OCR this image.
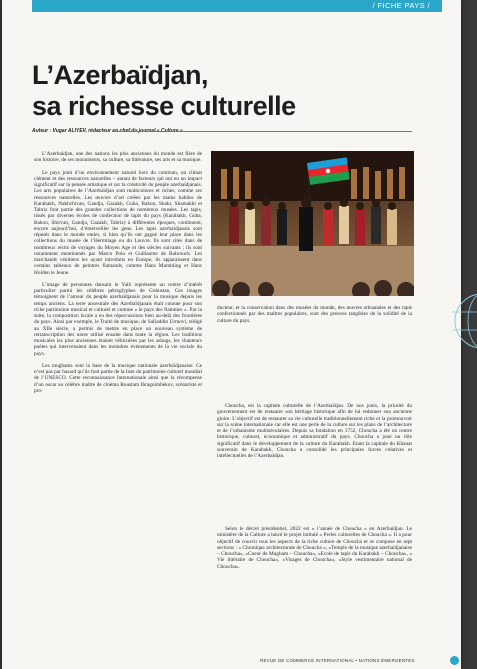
/ FICHE PAYS /
L’Azerbaïdjan,
sa richesse culturelle
Auteur : Vugar ALIYEV, rédacteur en chef du journal « Culture »

L’Azerbaïdjan, une des nations les plus anciennes du monde est fière de son histoire, de ses monuments, sa culture, sa littérature, ses arts et sa musique.

Le pays jouit d’un environnement naturel hors du commun, un climat clément et des ressources naturelles – autant de facteurs qui ont eu un impact significatif sur la pensée artistique et sur la créativité du peuple azerbaïdjanais. Les arts populaires de l’Azerbaïdjan sont multicolores et riches, comme ses ressources naturelles. Les œuvres d’art créées par les mains habiles de Karabakh, Nakhchivan, Gandja, Gazakh, Guba, Bakou, Shaki, Shamakhi et Tabriz font partie des grandes collections de nombreux musées. Les tapis, tissés par diverses écoles de confection de tapis du pays (Karabakh, Guba, Bakou, Shirvan, Gandja, Gazakh, Tabriz) à différentes époques, continuent, encore aujourd’hui, d’émerveiller les gens. Les tapis azerbaïdjanais sont réputés dans le monde entier, si bien qu’ils ont gagné leur place dans les collections du musée de l’Hermitage ou du Louvre. Ils sont cités dans de nombreux récits de voyages du Moyen Age et des siècles suivants ; ils sont notamment mentionnés par Marco Polo et Guillaume de Rubrouck. Les marchands vénitiens les ayant introduits en Europe, ils apparaissent dans certains tableaux de peintres flamands, comme Hans Mumbling et Hans Holden le Jeune.

L’image de personnes dansant le Yalli représente un centre d’intérêt particulier parmi les célèbres pétroglyphes de Gobustan. Ces images témoignent de l’amour du peuple azerbaïdjanais pour la musique depuis les temps anciens. La terre ancestrale des Azerbaïdjanais était connue pour son riche patrimoine musical et culturel et comme « le pays des flammes ». Par la suite, la composition locale a eu des répercussions bien au-delà des frontières du pays. Ainsi par exemple, le Traité de musique, de Safiaddin Urmovi, rédigé au XIIe siècle, a permis de mettre en place un nouveau système de retranscription des notes utilisé ensuite dans toute la région. Les traditions musicales les plus anciennes étaient véhiculées par les ashugs, les chanteurs poètes qui intervenaient dans les moindres événements de la vie sociale du pays.

Les mughams sont la base de la musique nationale azerbaïdjanaise. Ce n’est pas par hasard qu’ils font partie de la liste du patrimoine culturel mondial de l’UNESCO. Cette reconnaissance internationale ainsi que la récompense d’un oscar au célèbre maître de cinéma Roustam Ibraguimbekov, scénariste et pro-

ducteur, et la conservation dans des musées du monde, des œuvres artisanales et des tapis confectionnés par des maîtres populaires, sont des preuves tangibles de la solidité de la culture du pays.

Choucha, est la capitale culturelle de l’Azerbaïdjan. De nos jours, la priorité du gouvernement est de restaurer son héritage historique afin de lui redonner son ancienne gloire. L’objectif est de restaurer sa vie culturelle traditionnellement riche et la promouvoir sur la scène internationale car elle est une perle de la culture sur les plans de l’architecture et de l’urbanisme multiséculaires. Depuis sa fondation en 1752, Choucha a été un centre historique, culturel, économique et administratif du pays. Choucha a joué un rôle significatif dans le développement de la culture du Karabakh. Etant la capitale du Khanat souverain de Karabakh, Choucha a consolidé les principales forces créatives et intellectuelles de l’Azerbaïdjan.

Selon le décret présidentiel, 2022 est « l’année de Choucha » en Azerbaïdjan. Le ministère de la Culture a lancé le projet intitulé « Perles culturelles de Choucha ». Il a pour objectif de couvrir tous les aspects de la riche culture de Choucha et se compose en sept sections : « Chronique architecturale de Choucha », «Temple de la musique azerbaïdjanaise – Choucha», «Coeur de Mugham – Choucha», «Ecole de tapis du Karabakh – Choucha», « Vie littéraire de Choucha», «Visages de Choucha», «Style vestimentaire national de Choucha».

REVUE DE COMMERCE INTERNATIONAL • NATIONS ÉMERGENTES
